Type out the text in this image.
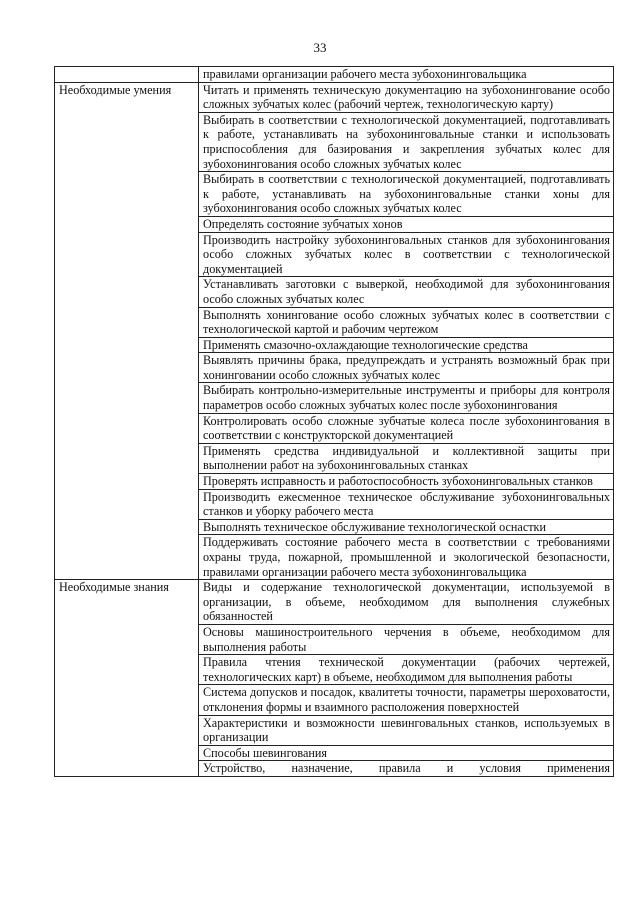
33
	правилами организации рабочего места зубохонинговальщика
Необходимые умения	Читать и применять техническую документацию на зубохонингование особо сложных зубчатых колес (рабочий чертеж, технологическую карту)
	Выбирать в соответствии с технологической документацией, подготавливать к работе, устанавливать на зубохонинговальные станки и использовать приспособления для базирования и закрепления зубчатых колес для зубохонингования особо сложных зубчатых колес
	Выбирать в соответствии с технологической документацией, подготавливать к работе, устанавливать на зубохонинговальные станки хоны для зубохонингования особо сложных зубчатых колес
	Определять состояние зубчатых хонов
	Производить настройку зубохонинговальных станков для зубохонингования особо сложных зубчатых колес в соответствии с технологической документацией
	Устанавливать заготовки с выверкой, необходимой для зубохонингования особо сложных зубчатых колес
	Выполнять хонингование особо сложных зубчатых колес в соответствии с технологической картой и рабочим чертежом
	Применять смазочно-охлаждающие технологические средства
	Выявлять причины брака, предупреждать и устранять возможный брак при хонинговании особо сложных зубчатых колес
	Выбирать контрольно-измерительные инструменты и приборы для контроля параметров особо сложных зубчатых колес после зубохонингования
	Контролировать особо сложные зубчатые колеса после зубохонингования в соответствии с конструкторской документацией
	Применять средства индивидуальной и коллективной защиты при выполнении работ на зубохонинговальных станках
	Проверять исправность и работоспособность зубохонинговальных станков
	Производить ежесменное техническое обслуживание зубохонинговальных станков и уборку рабочего места
	Выполнять техническое обслуживание технологической оснастки
	Поддерживать состояние рабочего места в соответствии с требованиями охраны труда, пожарной, промышленной и экологической безопасности, правилами организации рабочего места зубохонинговальщика
Необходимые знания	Виды и содержание технологической документации, используемой в организации, в объеме, необходимом для выполнения служебных обязанностей
	Основы машиностроительного черчения в объеме, необходимом для выполнения работы
	Правила чтения технической документации (рабочих чертежей, технологических карт) в объеме, необходимом для выполнения работы
	Система допусков и посадок, квалитеты точности, параметры шероховатости, отклонения формы и взаимного расположения поверхностей
	Характеристики и возможности шевинговальных станков, используемых в организации
	Способы шевингования
	Устройство, назначение, правила и условия применения
